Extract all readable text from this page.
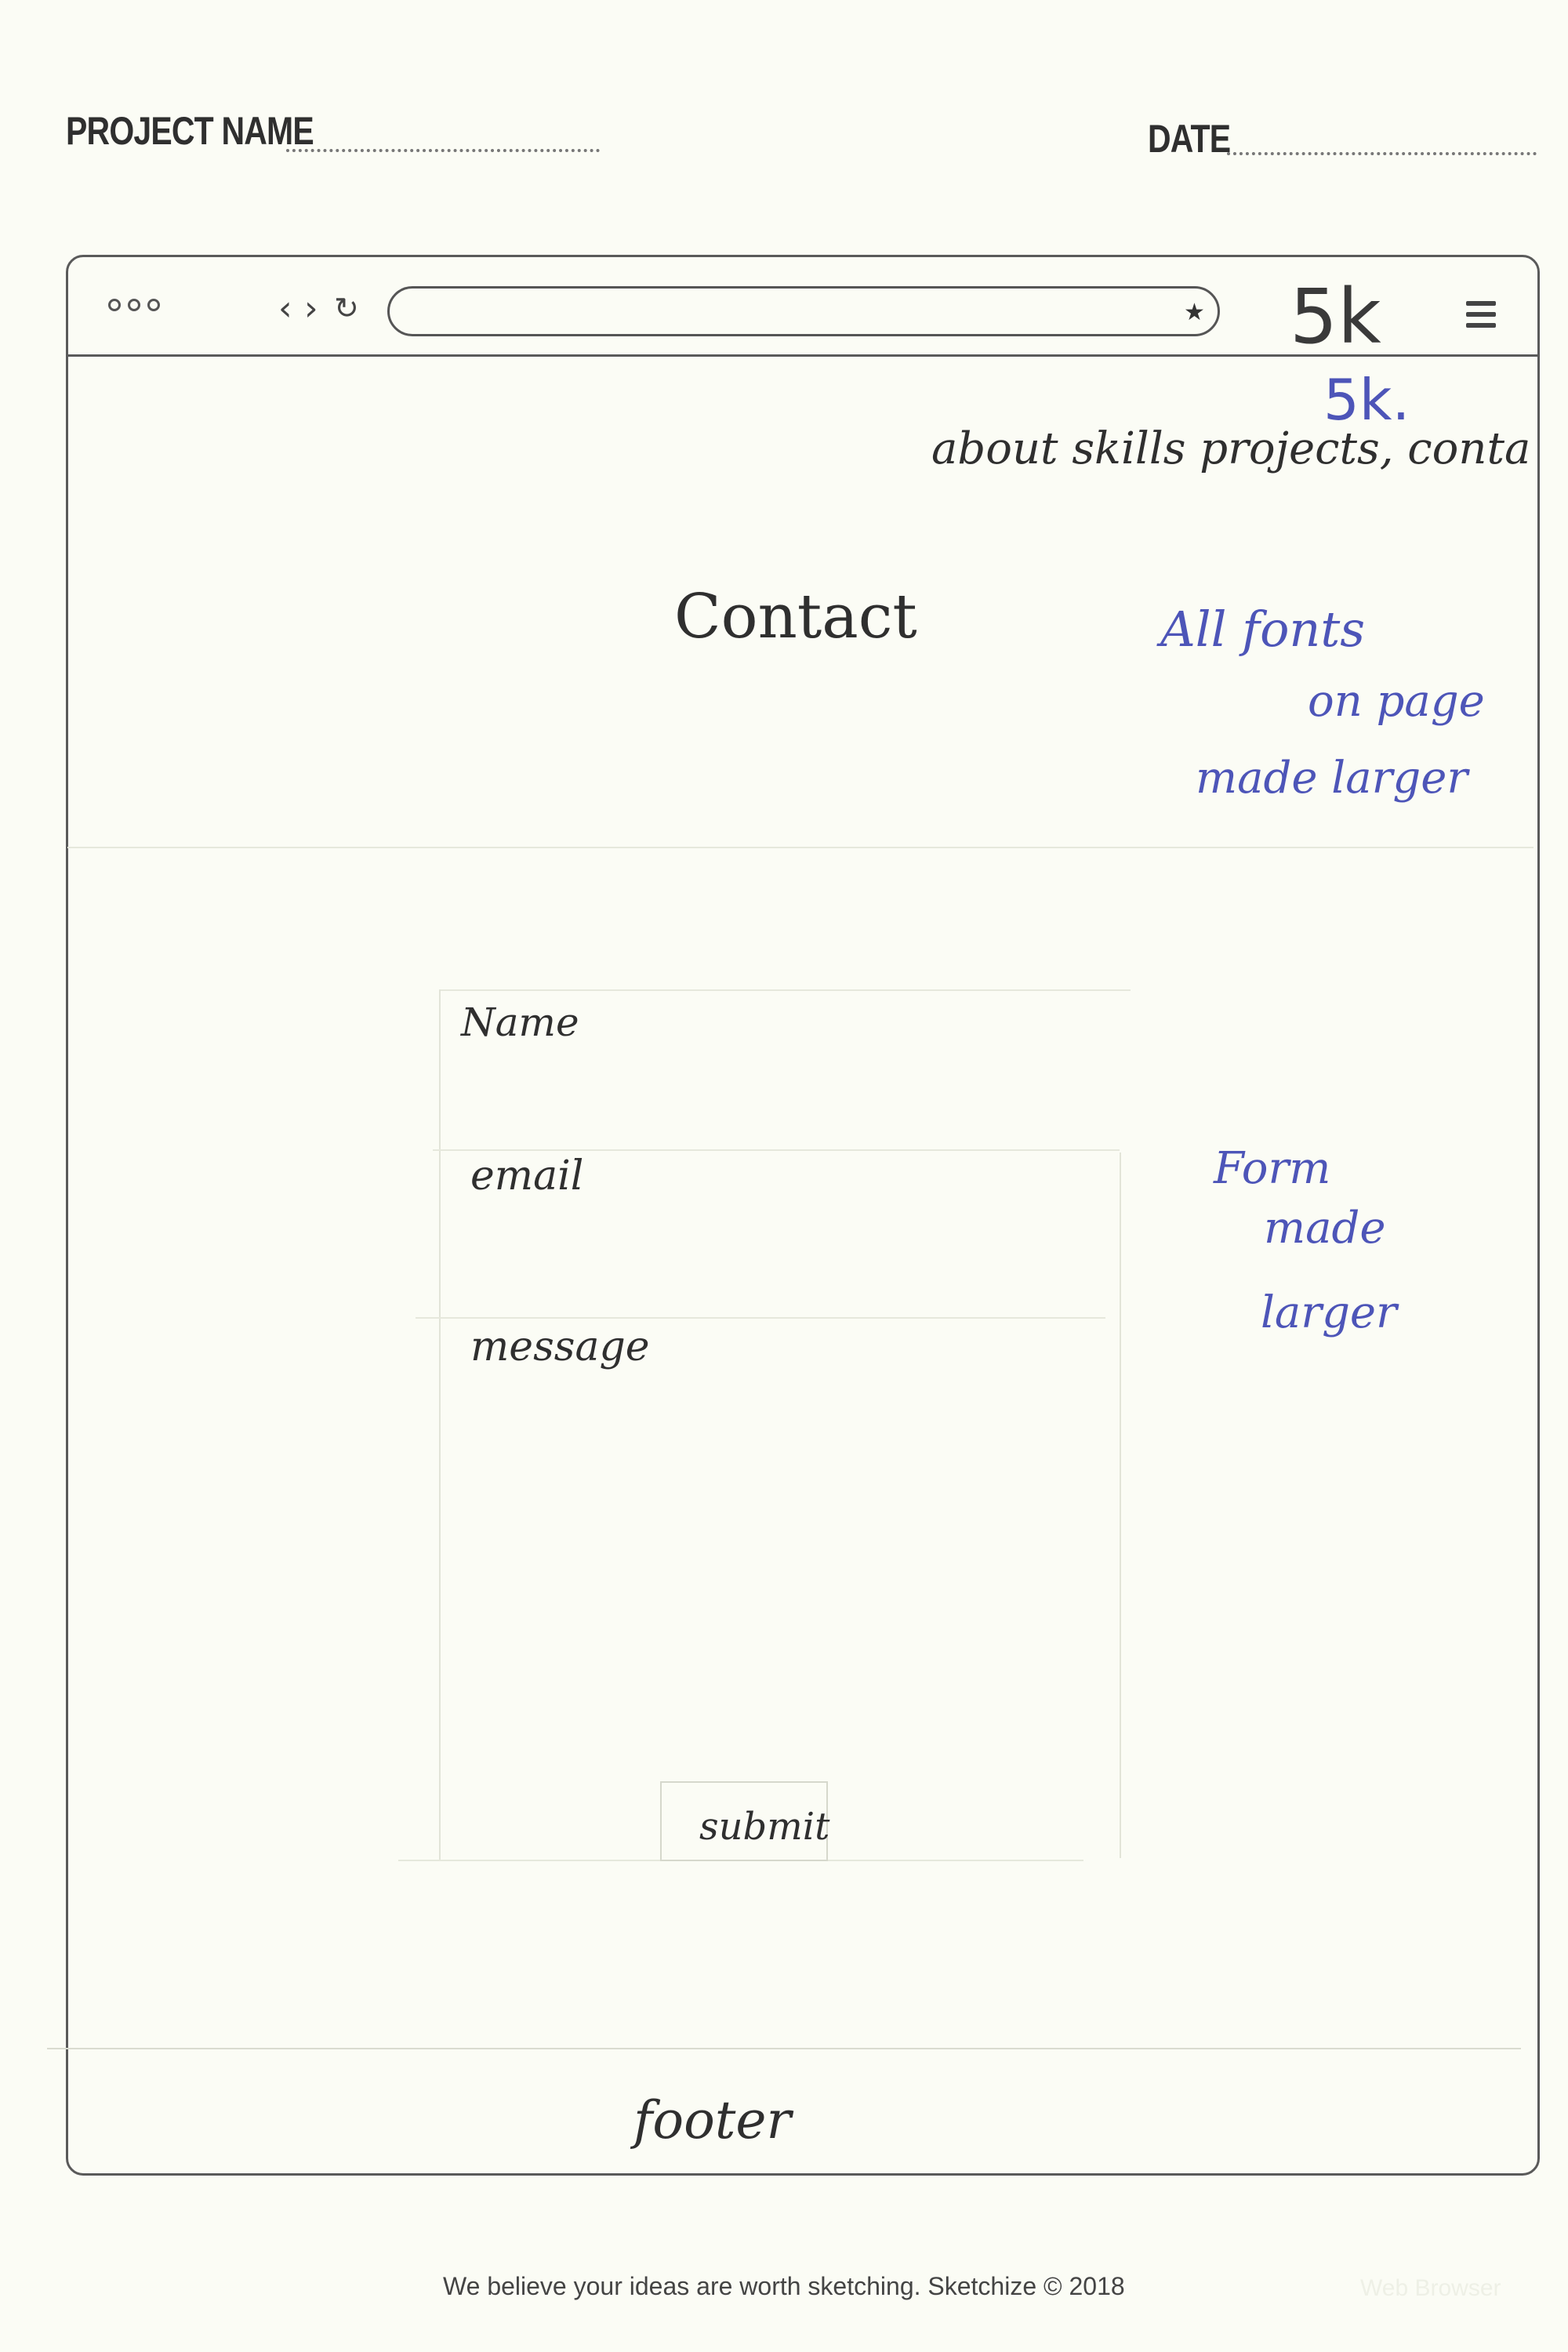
PROJECT NAME	DATE
‹ › ↻	★ 5k
5k.
about skills projects, conta
Contact	All fonts
on page
made larger
Name
email
message
submit
Form
made
larger
footer
We believe your ideas are worth sketching. Sketchize © 2018	Web Browser
